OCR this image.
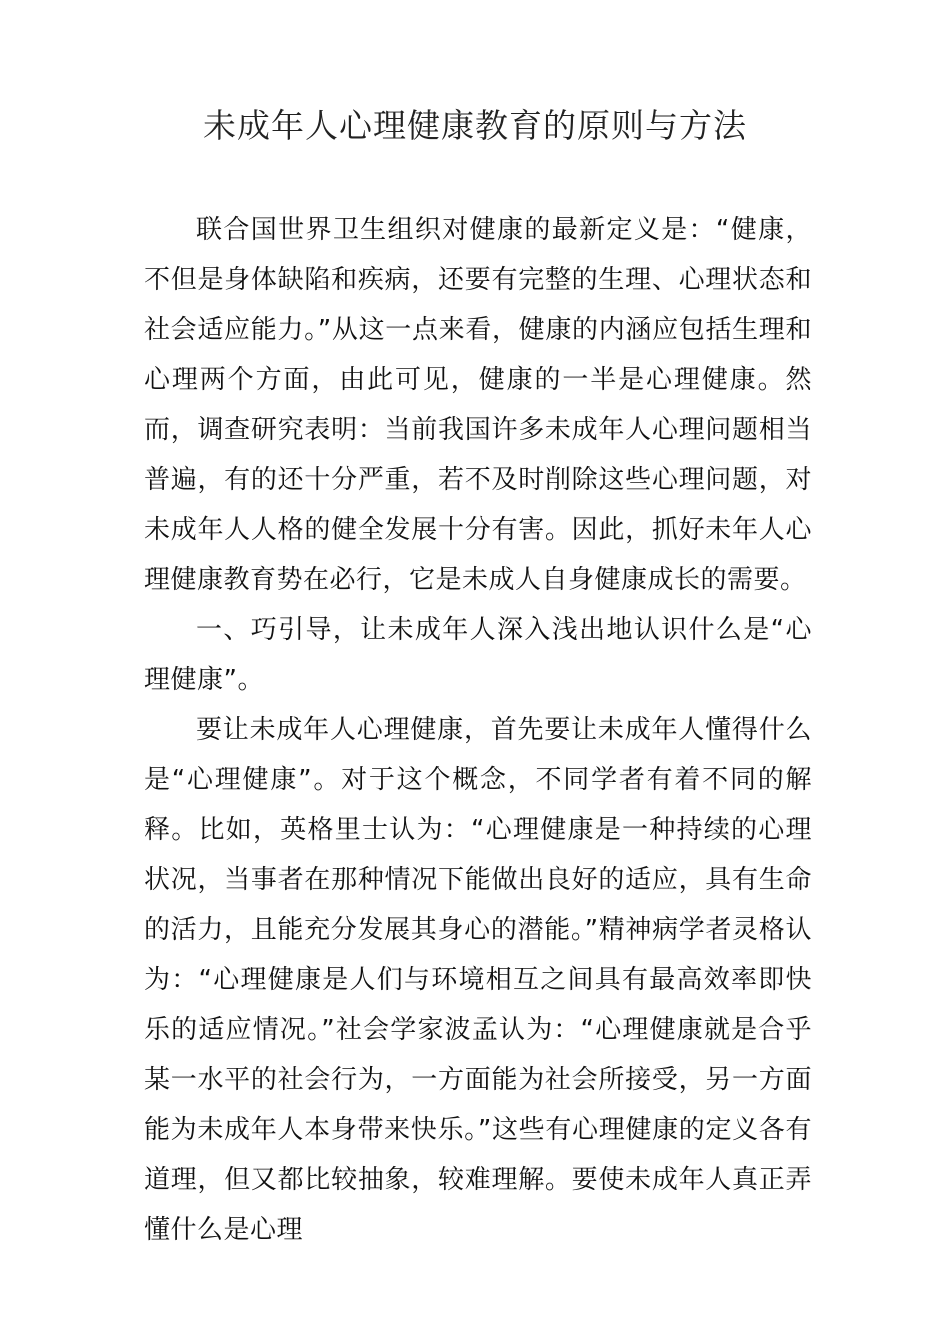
未成年人心理健康教育的原则与方法

联合国世界卫生组织对健康的最新定义是：“健康，不但是身体缺陷和疾病，还要有完整的生理、心理状态和社会适应能力。”从这一点来看，健康的内涵应包括生理和心理两个方面，由此可见，健康的一半是心理健康。然而，调查研究表明：当前我国许多未成年人心理问题相当普遍，有的还十分严重，若不及时削除这些心理问题，对未成年人人格的健全发展十分有害。因此，抓好未年人心理健康教育势在必行，它是未成人自身健康成长的需要。

一、巧引导，让未成年人深入浅出地认识什么是“心理健康”。

要让未成年人心理健康，首先要让未成年人懂得什么是“心理健康”。对于这个概念，不同学者有着不同的解释。比如，英格里士认为：“心理健康是一种持续的心理状况，当事者在那种情况下能做出良好的适应，具有生命的活力，且能充分发展其身心的潜能。”精神病学者灵格认为：“心理健康是人们与环境相互之间具有最高效率即快乐的适应情况。”社会学家波孟认为：“心理健康就是合乎某一水平的社会行为，一方面能为社会所接受，另一方面能为未成年人本身带来快乐。”这些有心理健康的定义各有道理，但又都比较抽象，较难理解。要使未成年人真正弄懂什么是心理
